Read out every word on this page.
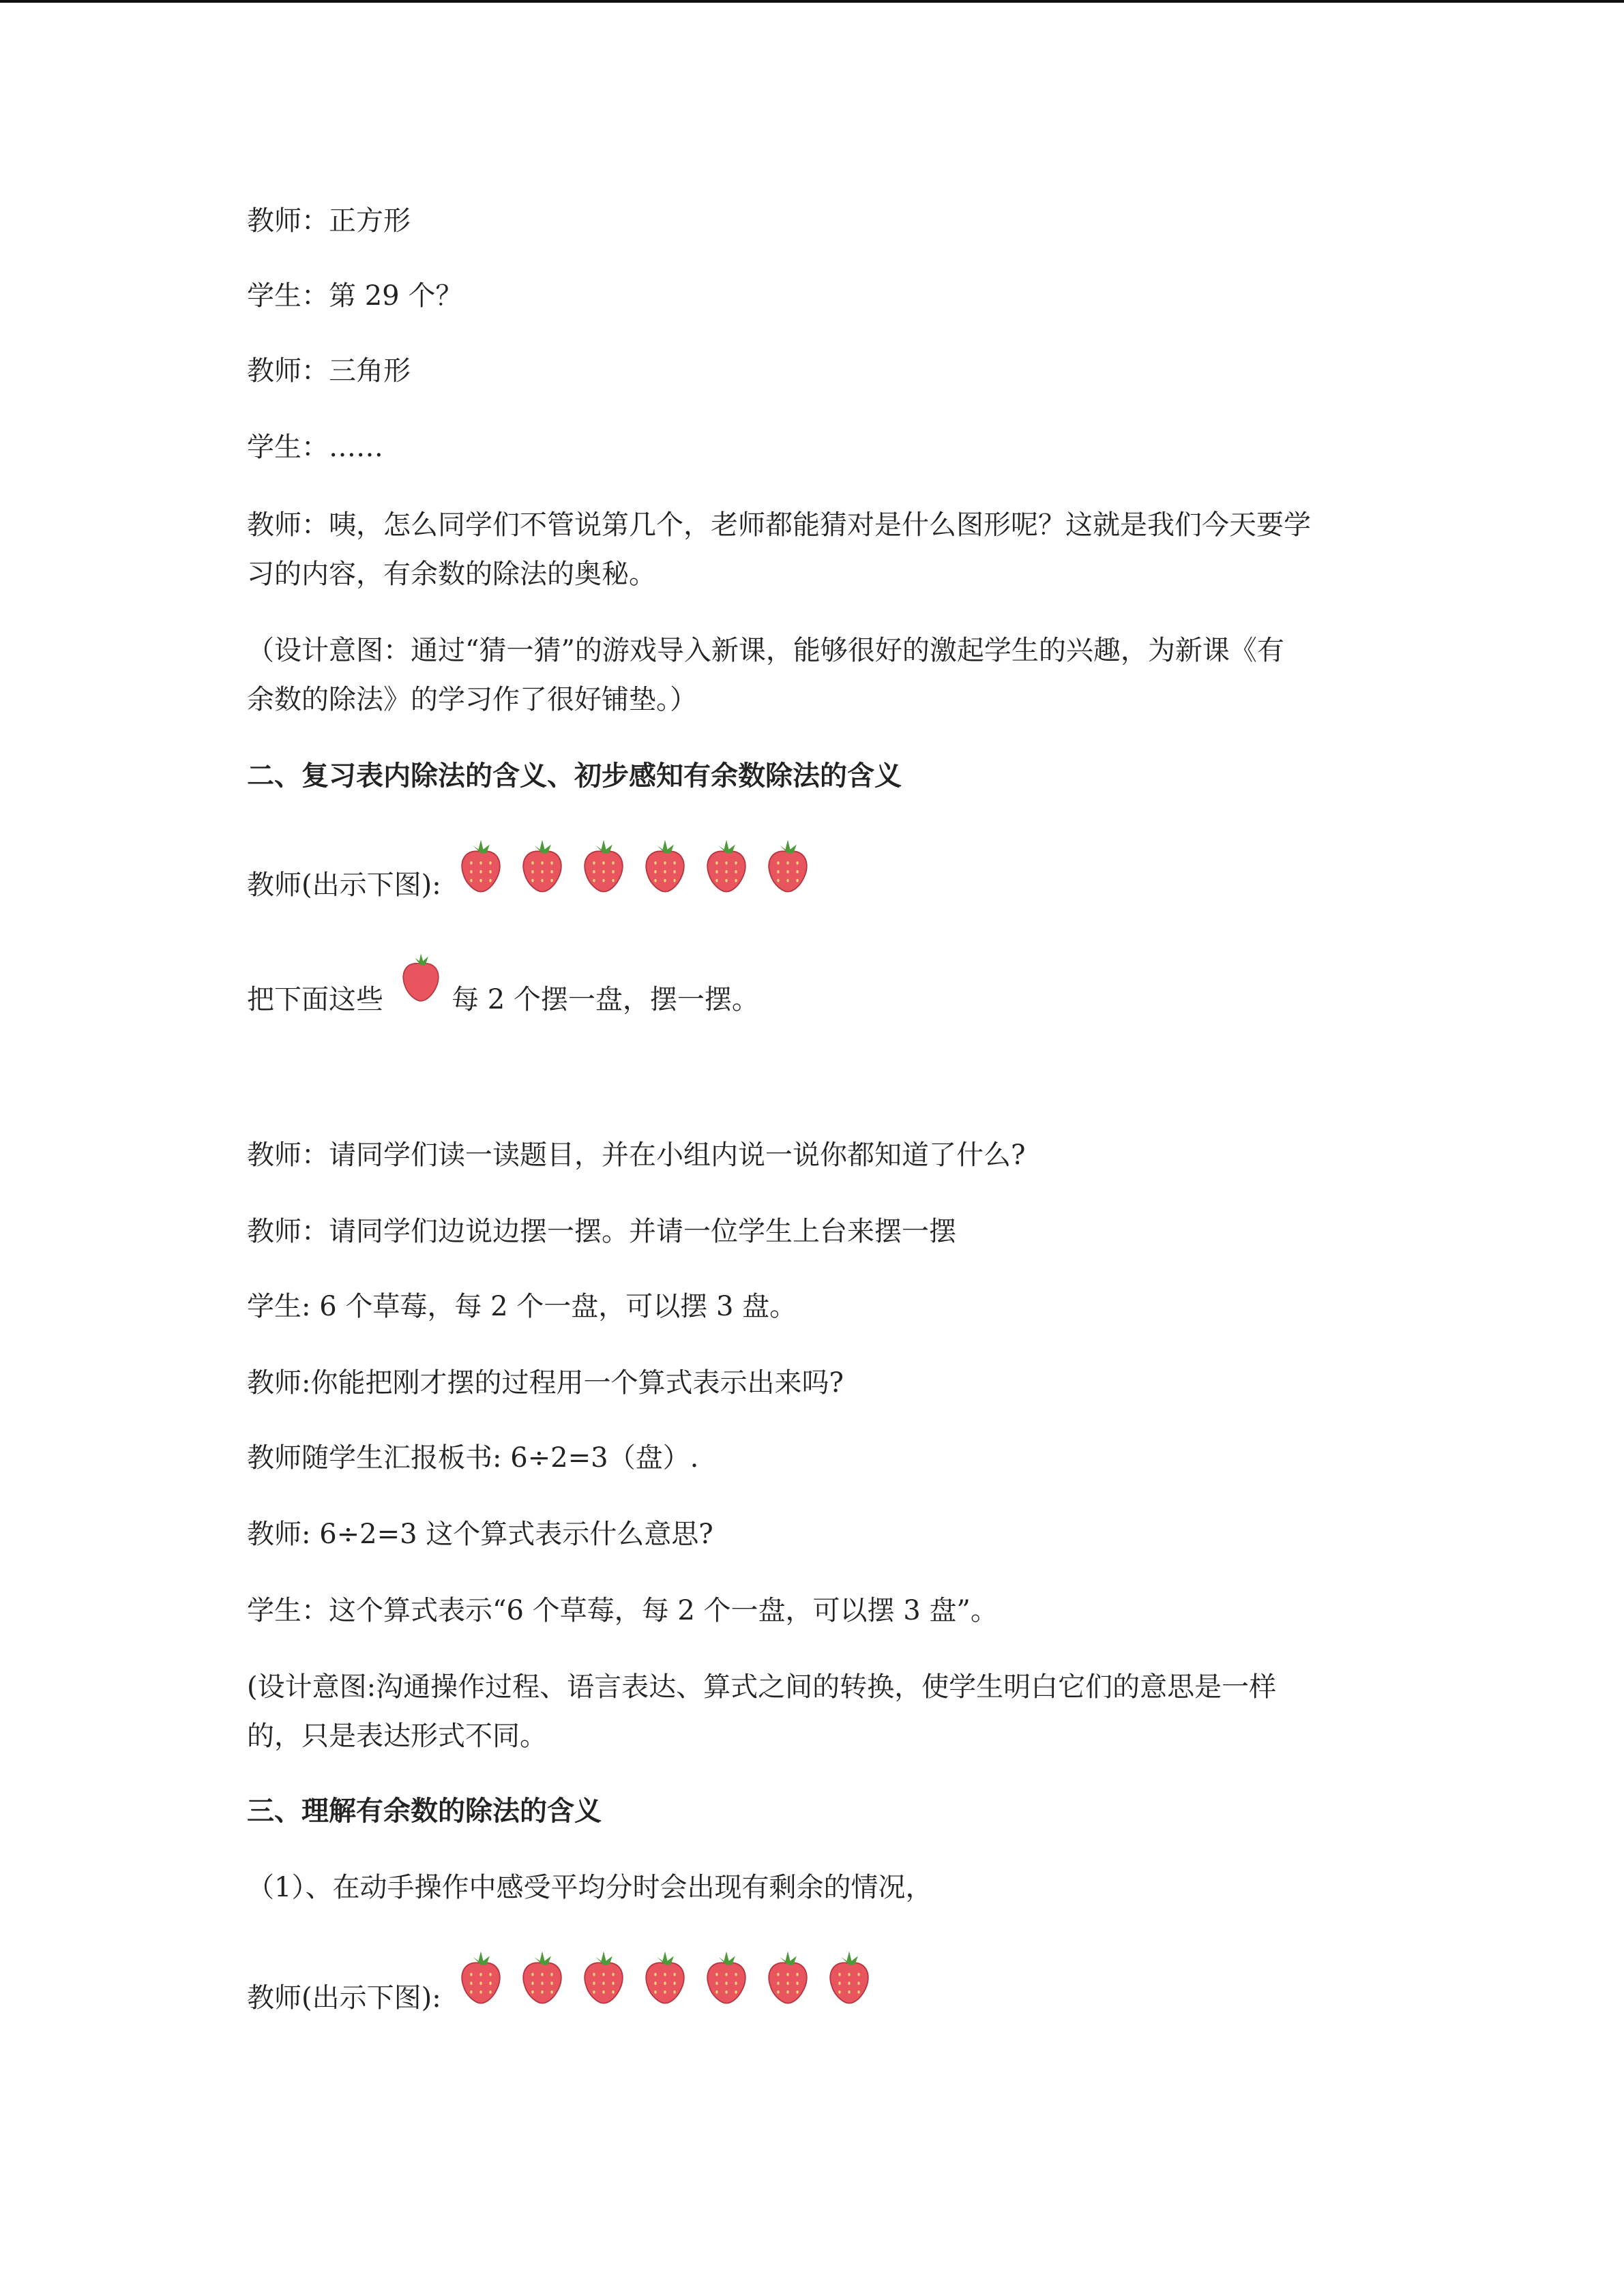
教师：正方形
学生：第 29 个？
教师：三角形
学生：……
教师：咦，怎么同学们不管说第几个，老师都能猜对是什么图形呢？这就是我们今天要学
习的内容，有余数的除法的奥秘。
（设计意图：通过“猜一猜”的游戏导入新课，能够很好的激起学生的兴趣，为新课《有
余数的除法》的学习作了很好铺垫。）
二、复习表内除法的含义、初步感知有余数除法的含义
教师(出示下图):
把下面这些	每 2 个摆一盘，摆一摆。
教师：请同学们读一读题目，并在小组内说一说你都知道了什么?
教师：请同学们边说边摆一摆。并请一位学生上台来摆一摆
学生: 6 个草莓，每 2 个一盘，可以摆 3 盘。
教师:你能把刚才摆的过程用一个算式表示出来吗?
教师随学生汇报板书: 6÷2=3（盘）.
教师: 6÷2=3 这个算式表示什么意思?
学生：这个算式表示“6 个草莓，每 2 个一盘，可以摆 3 盘”。
(设计意图:沟通操作过程、语言表达、算式之间的转换，使学生明白它们的意思是一样
的，只是表达形式不同。
三、理解有余数的除法的含义
（1）、在动手操作中感受平均分时会出现有剩余的情况，
教师(出示下图):
